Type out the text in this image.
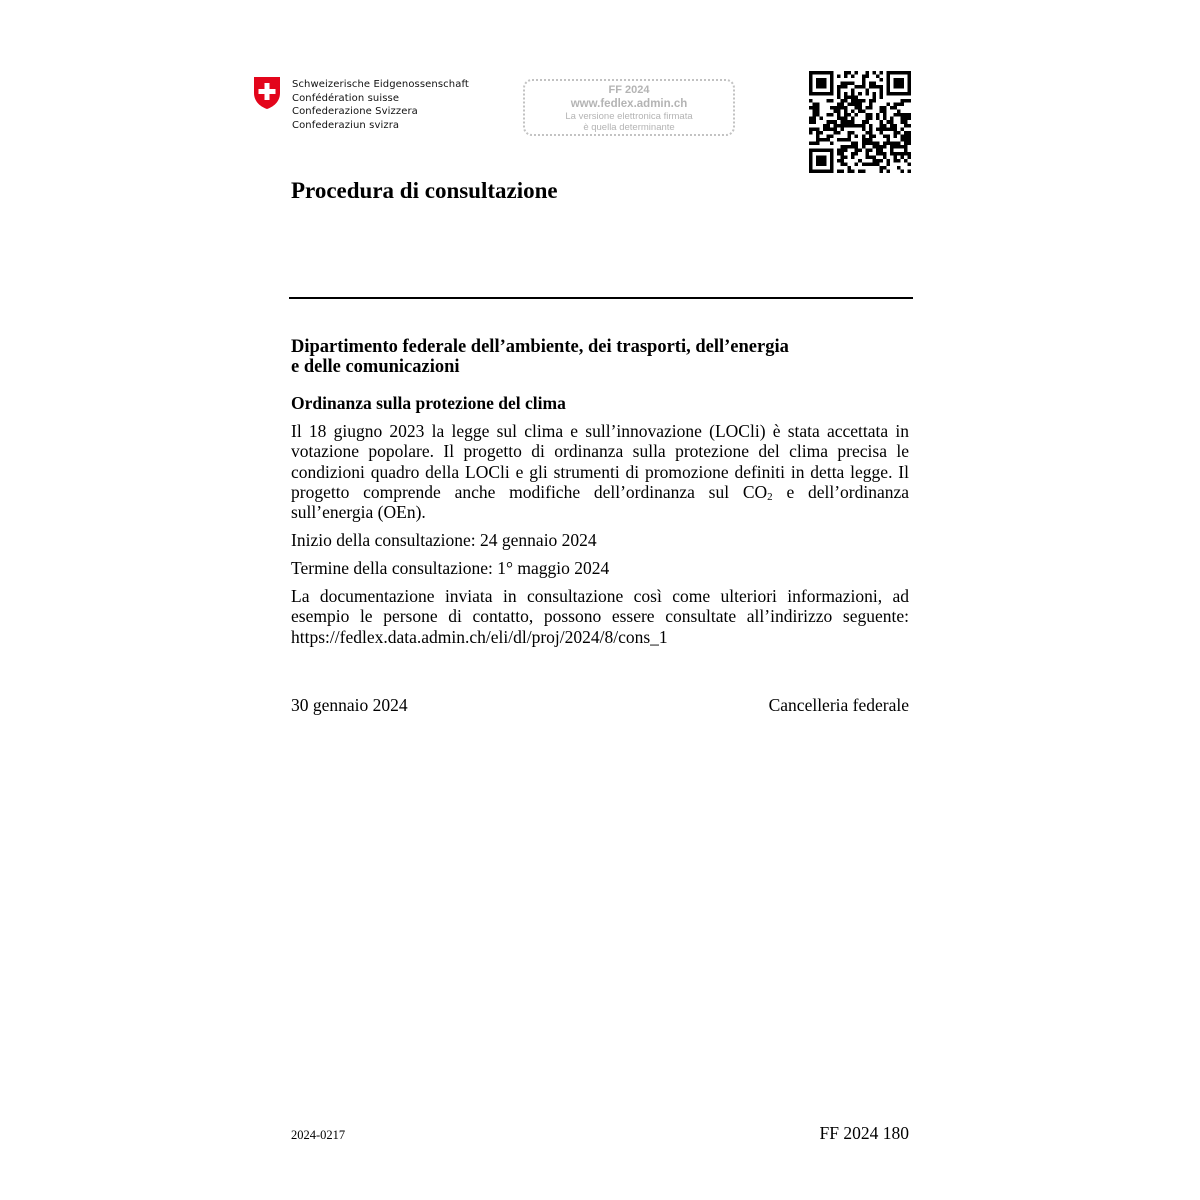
Schweizerische Eidgenossenschaft
Confédération suisse
Confederazione Svizzera
Confederaziun svizra
FF 2024
www.fedlex.admin.ch
La versione elettronica firmata
è quella determinante
Procedura di consultazione
Dipartimento federale dell’ambiente, dei trasporti, dell’energia
e delle comunicazioni
Ordinanza sulla protezione del clima

Il 18 giugno 2023 la legge sul clima e sull’innovazione (LOCli) è stata accettata in votazione popolare. Il progetto di ordinanza sulla protezione del clima precisa le condizioni quadro della LOCli e gli strumenti di promozione definiti in detta legge. Il progetto comprende anche modifiche dell’ordinanza sul $CO_2$ e dell’ordinanza sull’energia (OEn).

Inizio della consultazione: 24 gennaio 2024

Termine della consultazione: 1° maggio 2024

La documentazione inviata in consultazione così come ulteriori informazioni, ad esempio le persone di contatto, possono essere consultate all’indirizzo seguente: https://fedlex.data.admin.ch/eli/dl/proj/2024/8/cons_1

30 gennaio 2024	Cancelleria federale
2024-0217	FF 2024 180
